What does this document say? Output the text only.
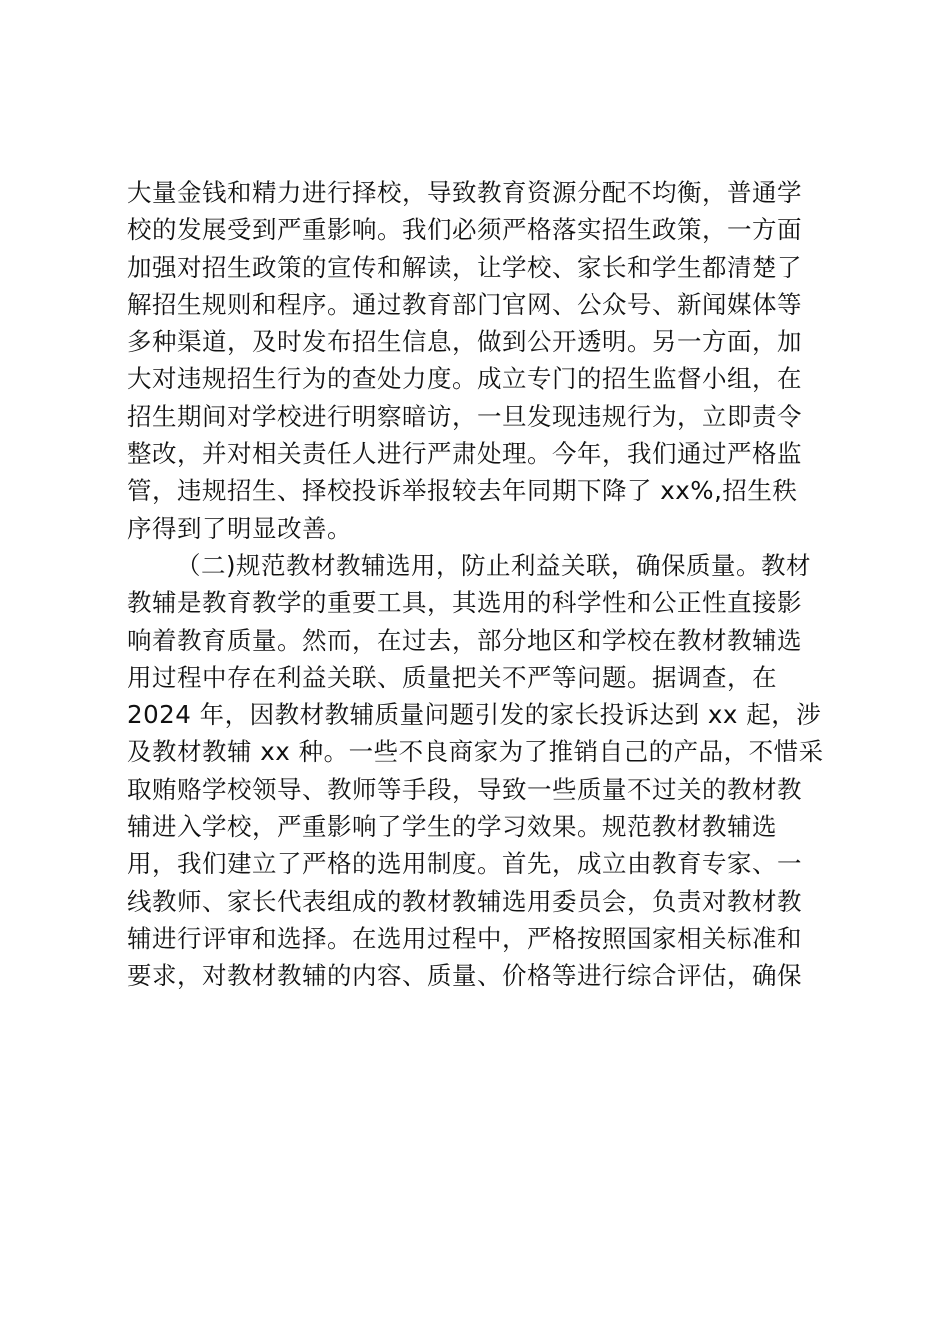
大量金钱和精力进行择校，导致教育资源分配不均衡，普通学
校的发展受到严重影响。我们必须严格落实招生政策，一方面
加强对招生政策的宣传和解读，让学校、家长和学生都清楚了
解招生规则和程序。通过教育部门官网、公众号、新闻媒体等
多种渠道，及时发布招生信息，做到公开透明。另一方面，加
大对违规招生行为的查处力度。成立专门的招生监督小组，在
招生期间对学校进行明察暗访，一旦发现违规行为，立即责令
整改，并对相关责任人进行严肃处理。今年，我们通过严格监
管，违规招生、择校投诉举报较去年同期下降了 xx%,招生秩
序得到了明显改善。
（二)规范教材教辅选用，防止利益关联，确保质量。教材
教辅是教育教学的重要工具，其选用的科学性和公正性直接影
响着教育质量。然而，在过去，部分地区和学校在教材教辅选
用过程中存在利益关联、质量把关不严等问题。据调查，在
2024 年，因教材教辅质量问题引发的家长投诉达到 xx 起，涉
及教材教辅 xx 种。一些不良商家为了推销自己的产品，不惜采
取贿赂学校领导、教师等手段，导致一些质量不过关的教材教
辅进入学校，严重影响了学生的学习效果。规范教材教辅选
用，我们建立了严格的选用制度。首先，成立由教育专家、一
线教师、家长代表组成的教材教辅选用委员会，负责对教材教
辅进行评审和选择。在选用过程中，严格按照国家相关标准和
要求，对教材教辅的内容、质量、价格等进行综合评估，确保
